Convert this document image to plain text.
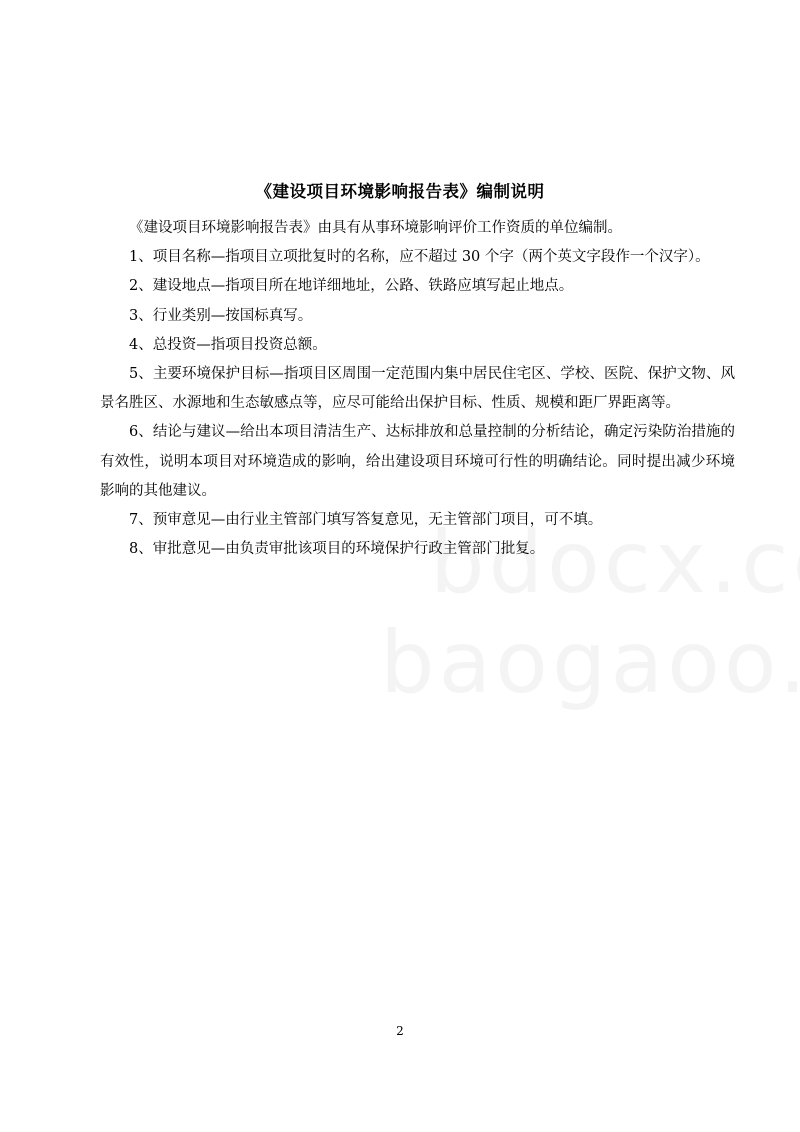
《建设项目环境影响报告表》编制说明

《建设项目环境影响报告表》由具有从事环境影响评价工作资质的单位编制。

1、项目名称—指项目立项批复时的名称，应不超过 30 个字（两个英文字段作一个汉字）。

2、建设地点—指项目所在地详细地址，公路、铁路应填写起止地点。

3、行业类别—按国标真写。

4、总投资—指项目投资总额。

5、主要环境保护目标—指项目区周围一定范围内集中居民住宅区、学校、医院、保护文物、风景名胜区、水源地和生态敏感点等，应尽可能给出保护目标、性质、规模和距厂界距离等。

6、结论与建议—给出本项目清洁生产、达标排放和总量控制的分析结论，确定污染防治措施的有效性，说明本项目对环境造成的影响，给出建设项目环境可行性的明确结论。同时提出减少环境影响的其他建议。

7、预审意见—由行业主管部门填写答复意见，无主管部门项目，可不填。

8、审批意见—由负责审批该项目的环境保护行政主管部门批复。

2
